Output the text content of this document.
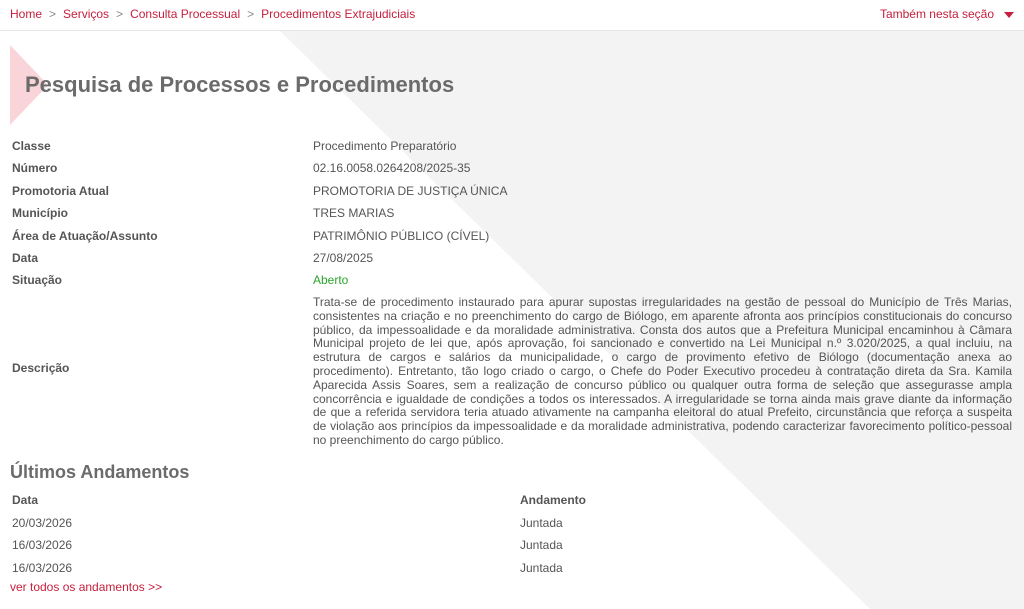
Home > Serviços > Consulta Processual > Procedimentos Extrajudiciais	Também nesta seção
Pesquisa de Processos e Procedimentos
Classe	Procedimento Preparatório
Número	02.16.0058.0264208/2025-35
Promotoria Atual	PROMOTORIA DE JUSTIÇA ÚNICA
Município	TRES MARIAS
Área de Atuação/Assunto	PATRIMÔNIO PÚBLICO (CÍVEL)
Data	27/08/2025
Situação	Aberto
Descrição
Trata-se de procedimento instaurado para apurar supostas irregularidades na gestão de pessoal do Município de Três Marias, consistentes na criação e no preenchimento do cargo de Biólogo, em aparente afronta aos princípios constitucionais do concurso público, da impessoalidade e da moralidade administrativa. Consta dos autos que a Prefeitura Municipal encaminhou à Câmara Municipal projeto de lei que, após aprovação, foi sancionado e convertido na Lei Municipal n.º 3.020/2025, a qual incluiu, na estrutura de cargos e salários da municipalidade, o cargo de provimento efetivo de Biólogo (documentação anexa ao procedimento). Entretanto, tão logo criado o cargo, o Chefe do Poder Executivo procedeu à contratação direta da Sra. Kamila Aparecida Assis Soares, sem a realização de concurso público ou qualquer outra forma de seleção que assegurasse ampla concorrência e igualdade de condições a todos os interessados. A irregularidade se torna ainda mais grave diante da informação de que a referida servidora teria atuado ativamente na campanha eleitoral do atual Prefeito, circunstância que reforça a suspeita de violação aos princípios da impessoalidade e da moralidade administrativa, podendo caracterizar favorecimento político-pessoal no preenchimento do cargo público.
Últimos Andamentos
Data	Andamento
20/03/2026	Juntada
16/03/2026	Juntada
16/03/2026	Juntada
ver todos os andamentos >>
